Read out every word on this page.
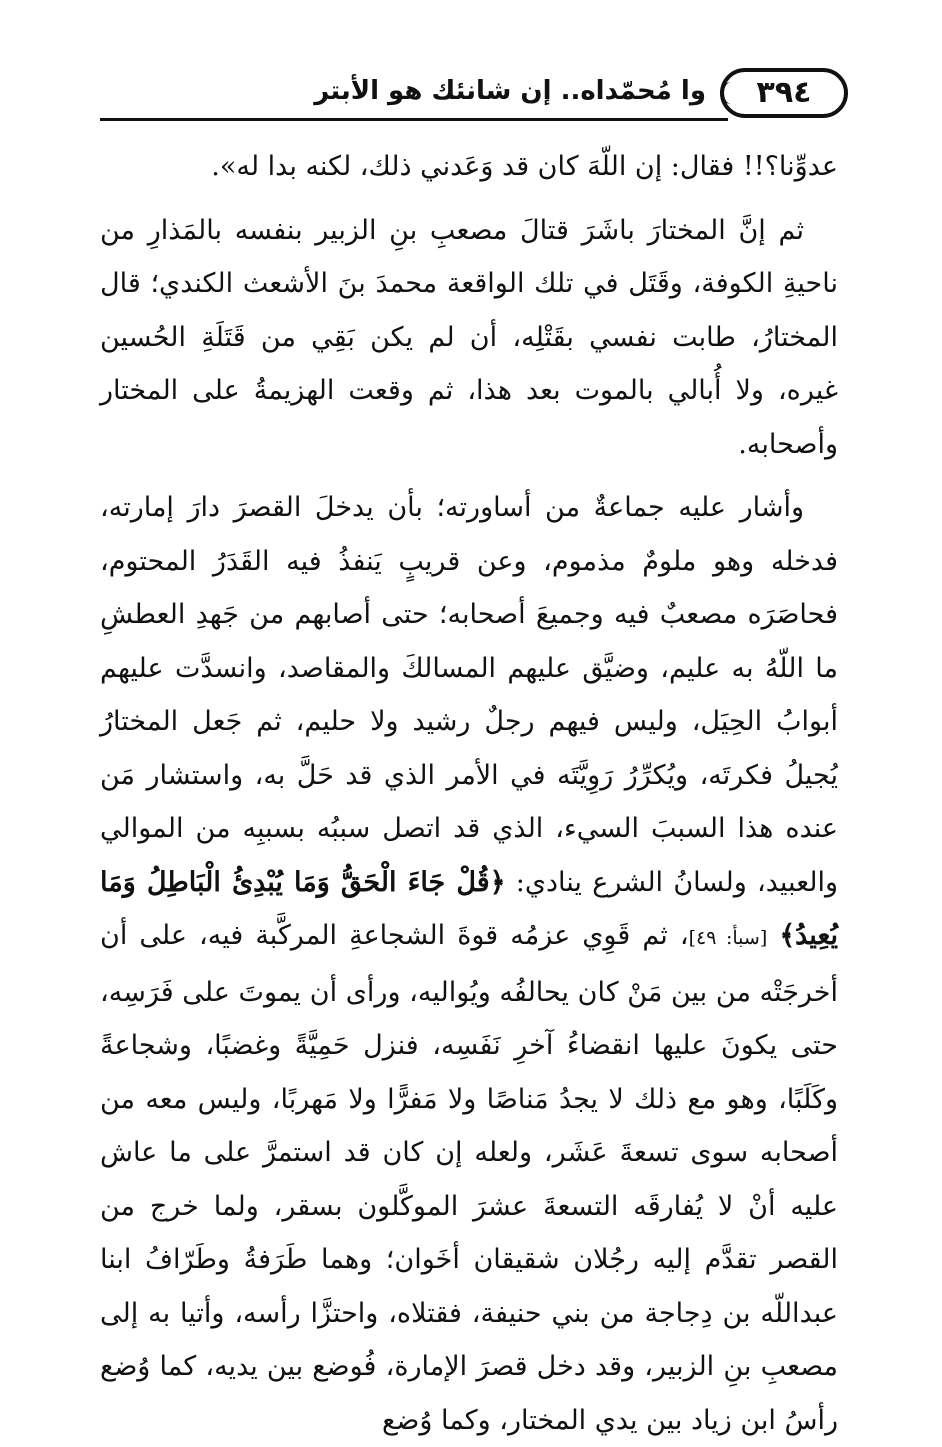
٣٩٤
وا مُحمّداه.. إن شانئك هو الأبتر

عدوِّنا؟!! فقال: إن اللّهَ كان قد وَعَدني ذلك، لكنه بدا له».

ثم إنَّ المختارَ باشَرَ قتالَ مصعبِ بنِ الزبير بنفسه بالمَذارِ من ناحيةِ الكوفة، وقَتَل في تلك الواقعة محمدَ بنَ الأشعث الكندي؛ قال المختارُ، طابت نفسي بقَتْلِه، أن لم يكن بَقِي من قَتَلَةِ الحُسين غيره، ولا أُبالي بالموت بعد هذا، ثم وقعت الهزيمةُ على المختار وأصحابه.

وأشار عليه جماعةٌ من أساورته؛ بأن يدخلَ القصرَ دارَ إمارته، فدخله وهو ملومٌ مذموم، وعن قريبٍ يَنفذُ فيه القَدَرُ المحتوم، فحاصَرَه مصعبٌ فيه وجميعَ أصحابه؛ حتى أصابهم من جَهدِ العطشِ ما اللّهُ به عليم، وضيَّق عليهم المسالكَ والمقاصد، وانسدَّت عليهم أبوابُ الحِيَل، وليس فيهم رجلٌ رشيد ولا حليم، ثم جَعل المختارُ يُجيلُ فكرتَه، ويُكرِّرُ رَوِيَّتَه في الأمر الذي قد حَلَّ به، واستشار مَن عنده هذا السببَ السيء، الذي قد اتصل سببُه بسببِه من الموالي والعبيد، ولسانُ الشرع ينادي: ﴿قُلْ جَاءَ الْحَقُّ وَمَا يُبْدِئُ الْبَاطِلُ وَمَا يُعِيدُ﴾ [سبأ: ٤٩]، ثم قَوِي عزمُه قوةَ الشجاعةِ المركَّبة فيه، على أن أخرجَتْه من بين مَنْ كان يحالفُه ويُواليه، ورأى أن يموتَ على فَرَسِه، حتى يكونَ عليها انقضاءُ آخرِ نَفَسِه، فنزل حَمِيَّةً وغضبًا، وشجاعةً وكَلَبًا، وهو مع ذلك لا يجدُ مَناصًا ولا مَفرًّا ولا مَهربًا، وليس معه من أصحابه سوى تسعةَ عَشَر، ولعله إن كان قد استمرَّ على ما عاش عليه أنْ لا يُفارقَه التسعةَ عشرَ الموكَّلون بسقر، ولما خرج من القصر تقدَّم إليه رجُلان شقيقان أخَوان؛ وهما طَرَفةُ وطَرّافُ ابنا عبداللّه بن دِجاجة من بني حنيفة، فقتلاه، واحتزَّا رأسه، وأتيا به إلى مصعبِ بنِ الزبير، وقد دخل قصرَ الإمارة، فُوضع بين يديه، كما وُضع رأسُ ابن زياد بين يدي المختار، وكما وُضع
